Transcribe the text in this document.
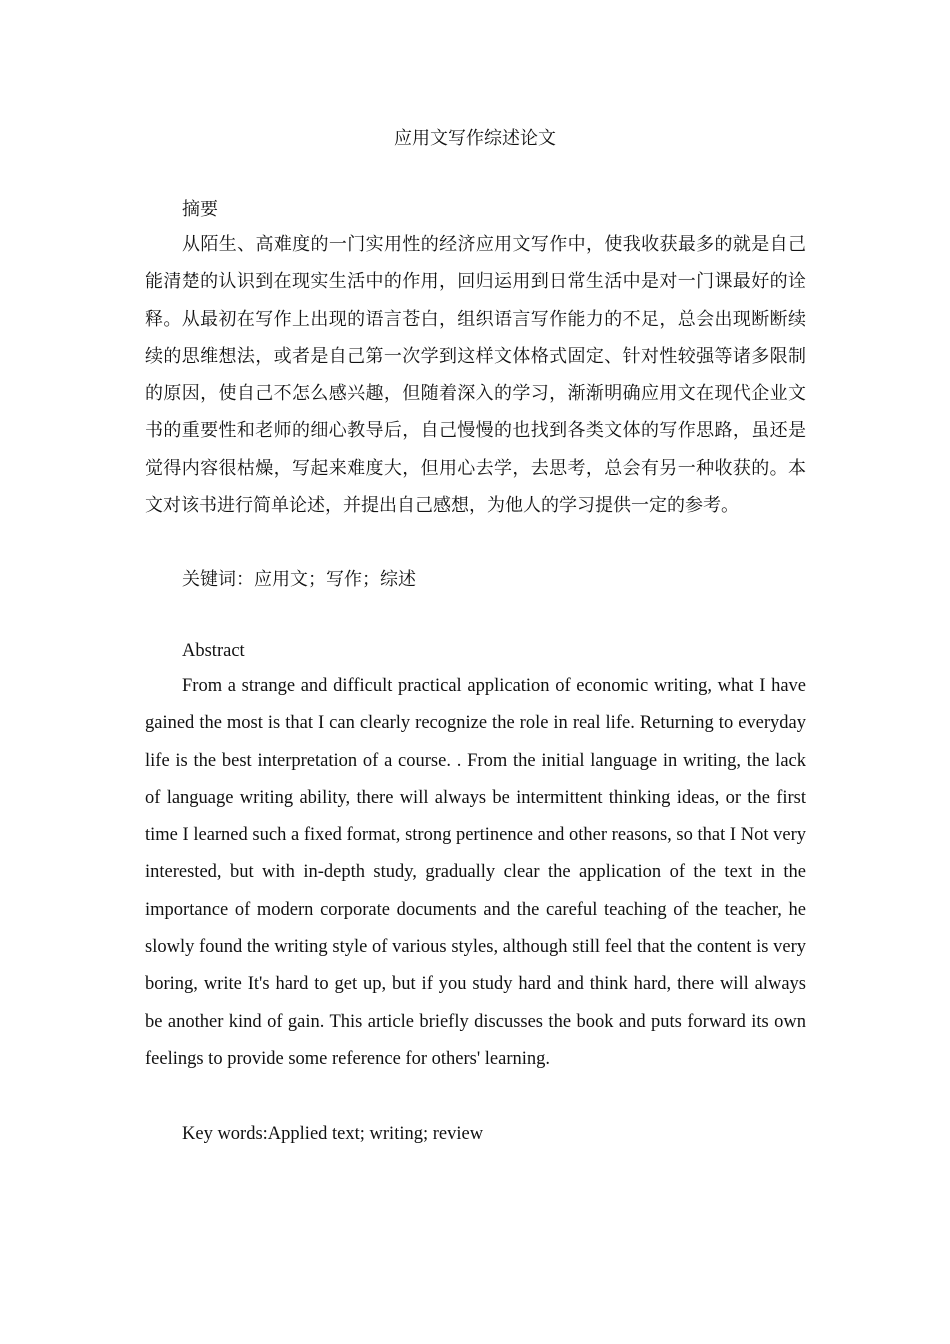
应用文写作综述论文

摘要

从陌生、高难度的一门实用性的经济应用文写作中，使我收获最多的就是自己能清楚的认识到在现实生活中的作用，回归运用到日常生活中是对一门课最好的诠释。从最初在写作上出现的语言苍白，组织语言写作能力的不足，总会出现断断续续的思维想法，或者是自己第一次学到这样文体格式固定、针对性较强等诸多限制的原因，使自己不怎么感兴趣，但随着深入的学习，渐渐明确应用文在现代企业文书的重要性和老师的细心教导后，自己慢慢的也找到各类文体的写作思路，虽还是觉得内容很枯燥，写起来难度大，但用心去学，去思考，总会有另一种收获的。本文对该书进行简单论述，并提出自己感想，为他人的学习提供一定的参考。

关键词：应用文；写作；综述

Abstract

From a strange and difficult practical application of economic writing, what I have gained the most is that I can clearly recognize the role in real life. Returning to everyday life is the best interpretation of a course. . From the initial language in writing, the lack of language writing ability, there will always be intermittent thinking ideas, or the first time I learned such a fixed format, strong pertinence and other reasons, so that I Not very interested, but with in-depth study, gradually clear the application of the text in the importance of modern corporate documents and the careful teaching of the teacher, he slowly found the writing style of various styles, although still feel that the content is very boring, write It's hard to get up, but if you study hard and think hard, there will always be another kind of gain. This article briefly discusses the book and puts forward its own feelings to provide some reference for others' learning.

Key words:Applied text; writing; review
